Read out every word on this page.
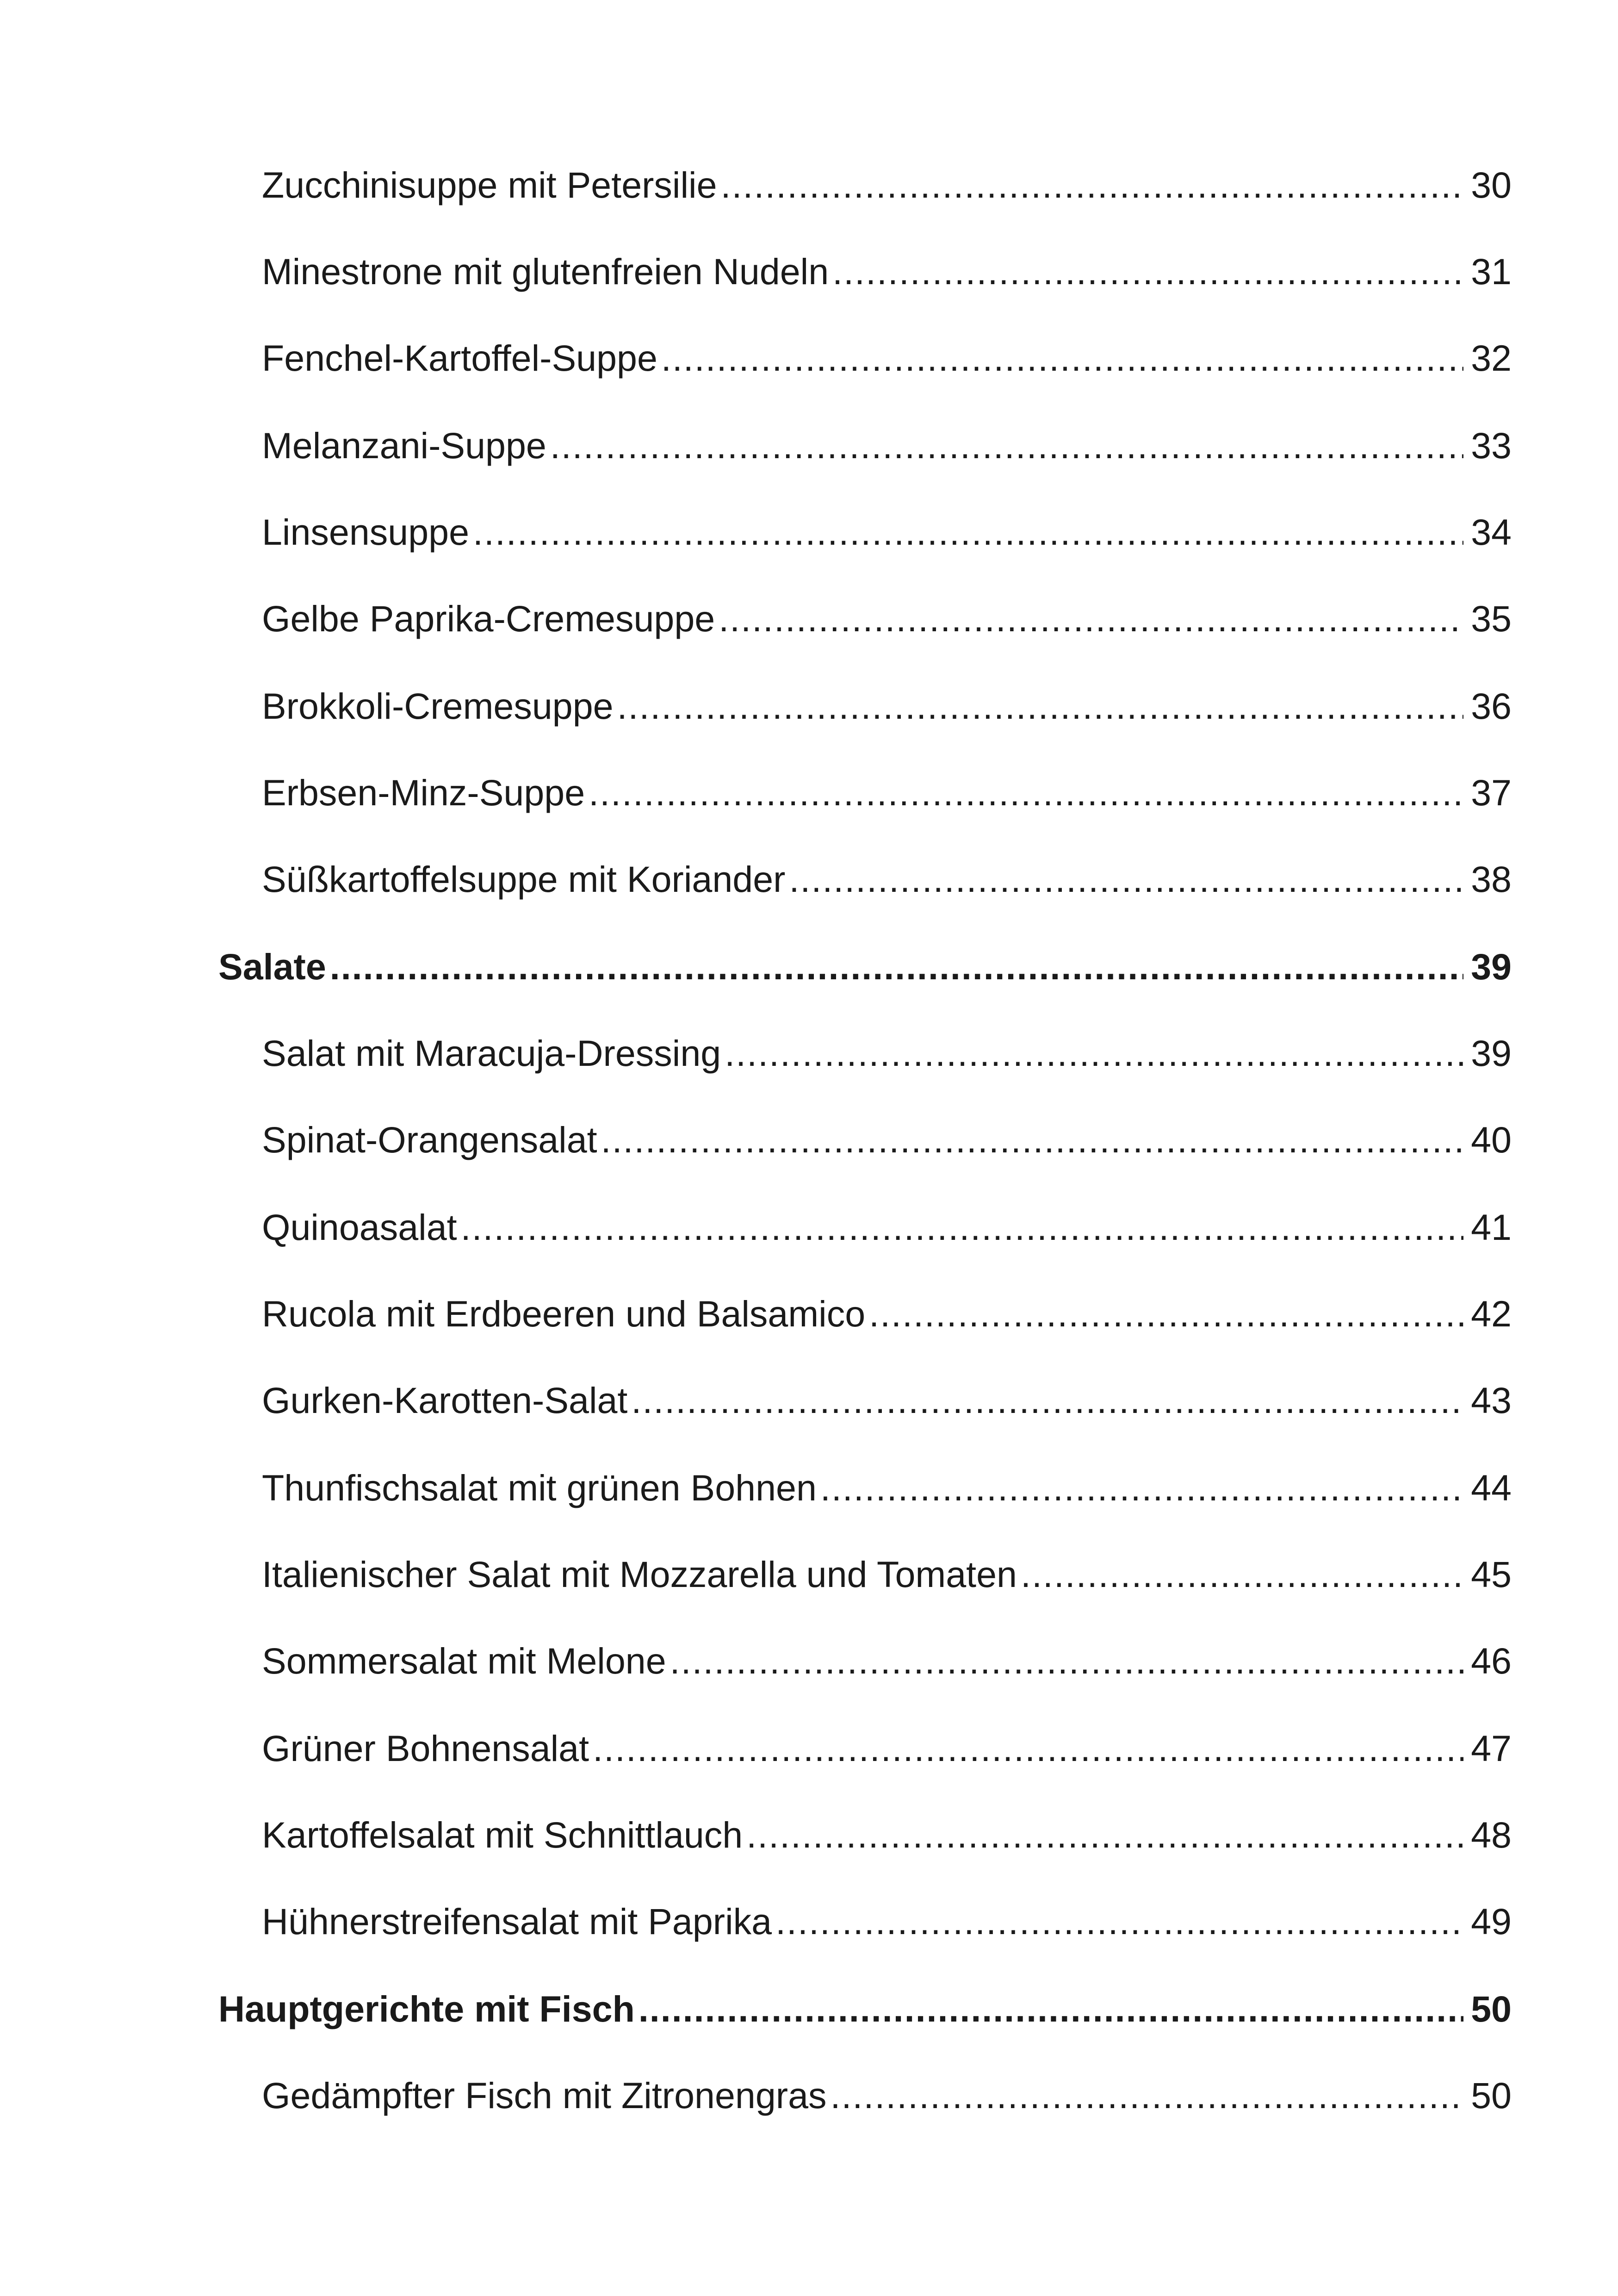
Zucchinisuppe mit Petersilie .....	30
Minestrone mit glutenfreien Nudeln .....	31
Fenchel-Kartoffel-Suppe .....	32
Melanzani-Suppe .....	33
Linsensuppe .....	34
Gelbe Paprika-Cremesuppe .....	35
Brokkoli-Cremesuppe .....	36
Erbsen-Minz-Suppe .....	37
Süßkartoffelsuppe mit Koriander .....	38
Salate .....	39
Salat mit Maracuja-Dressing .....	39
Spinat-Orangensalat .....	40
Quinoasalat .....	41
Rucola mit Erdbeeren und Balsamico .....	42
Gurken-Karotten-Salat .....	43
Thunfischsalat mit grünen Bohnen .....	44
Italienischer Salat mit Mozzarella und Tomaten .....	45
Sommersalat mit Melone .....	46
Grüner Bohnensalat .....	47
Kartoffelsalat mit Schnittlauch .....	48
Hühnerstreifensalat mit Paprika .....	49
Hauptgerichte mit Fisch .....	50
Gedämpfter Fisch mit Zitronengras .....	50
